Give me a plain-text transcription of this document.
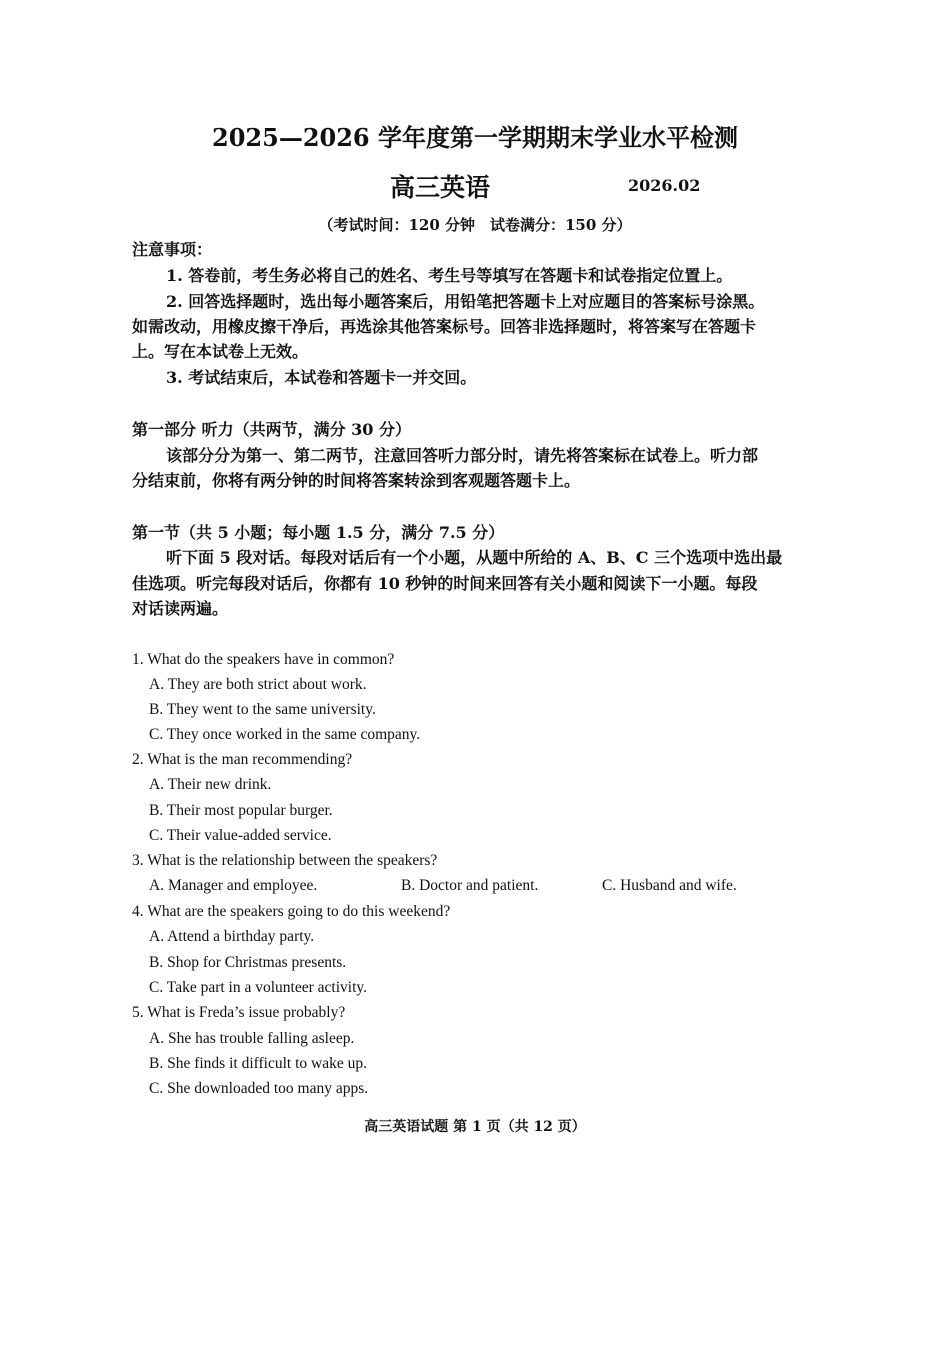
2025—2026 学年度第一学期期末学业水平检测
高三英语	2026.02
（考试时间：120 分钟　试卷满分：150 分）
注意事项：
1. 答卷前，考生务必将自己的姓名、考生号等填写在答题卡和试卷指定位置上。
2. 回答选择题时，选出每小题答案后，用铅笔把答题卡上对应题目的答案标号涂黑。
如需改动，用橡皮擦干净后，再选涂其他答案标号。回答非选择题时，将答案写在答题卡
上。写在本试卷上无效。
3. 考试结束后，本试卷和答题卡一并交回。
第一部分 听力（共两节，满分 30 分）
该部分分为第一、第二两节，注意回答听力部分时，请先将答案标在试卷上。听力部
分结束前，你将有两分钟的时间将答案转涂到客观题答题卡上。
第一节（共 5 小题；每小题 1.5 分，满分 7.5 分）
听下面 5 段对话。每段对话后有一个小题，从题中所给的 A、B、C 三个选项中选出最
佳选项。听完每段对话后，你都有 10 秒钟的时间来回答有关小题和阅读下一小题。每段
对话读两遍。
1. What do the speakers have in common?
A. They are both strict about work.
B. They went to the same university.
C. They once worked in the same company.
2. What is the man recommending?
A. Their new drink.
B. Their most popular burger.
C. Their value-added service.
3. What is the relationship between the speakers?
A. Manager and employee.	B. Doctor and patient.	C. Husband and wife.
4. What are the speakers going to do this weekend?
A. Attend a birthday party.
B. Shop for Christmas presents.
C. Take part in a volunteer activity.
5. What is Freda’s issue probably?
A. She has trouble falling asleep.
B. She finds it difficult to wake up.
C. She downloaded too many apps.
高三英语试题 第 1 页（共 12 页）
